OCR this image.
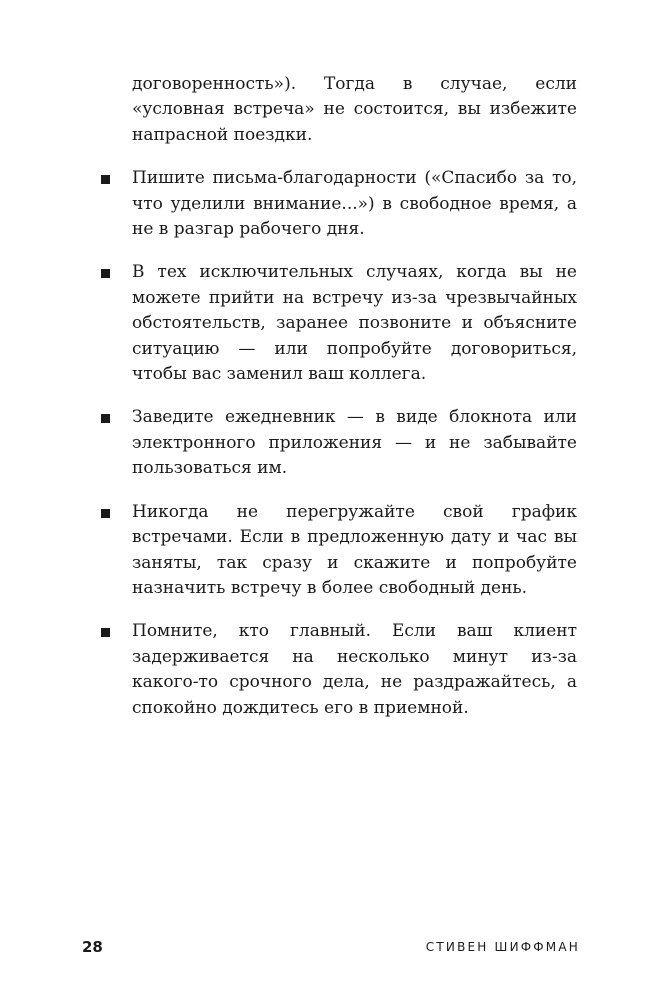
договоренность»). Тогда в случае, если «условная встреча» не состоится, вы избежите напрасной поездки.

Пишите письма-благодарности («Спасибо за то, что уделили внимание...») в свободное время, а не в разгар рабочего дня.

В тех исключительных случаях, когда вы не можете прийти на встречу из-за чрезвычайных обстоятельств, заранее позвоните и объясните ситуацию — или попробуйте договориться, чтобы вас заменил ваш коллега.

Заведите ежедневник — в виде блокнота или электронного приложения — и не забывайте пользоваться им.

Никогда не перегружайте свой график встречами. Если в предложенную дату и час вы заняты, так сразу и скажите и попробуйте назначить встречу в более свободный день.

Помните, кто главный. Если ваш клиент задерживается на несколько минут из-за какого-то срочного дела, не раздражайтесь, а спокойно дождитесь его в приемной.

28	СТИВЕН ШИФФМАН
